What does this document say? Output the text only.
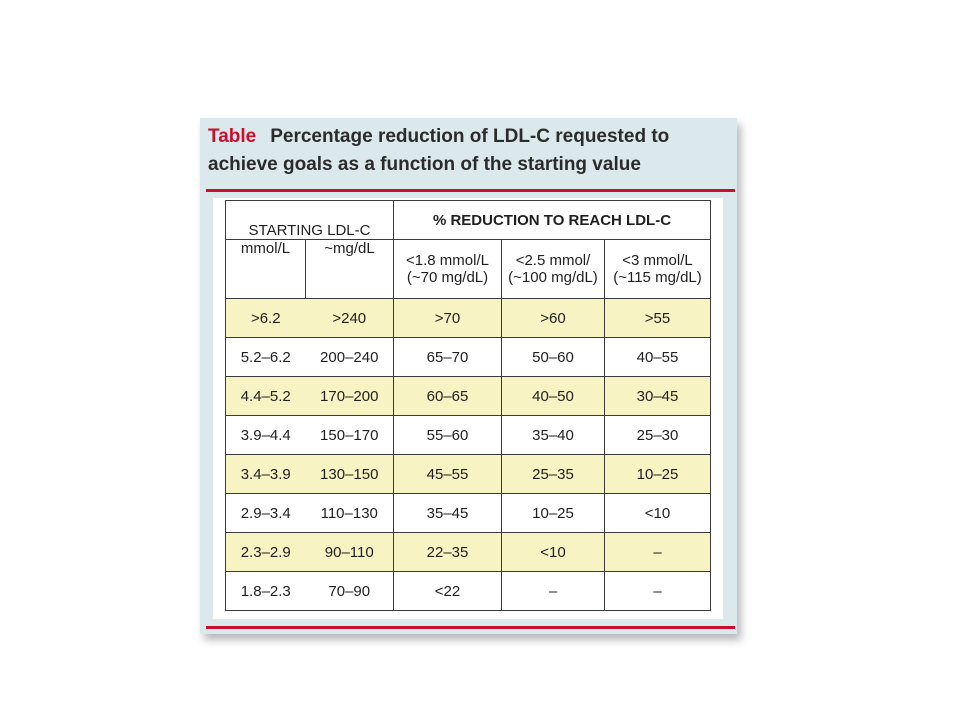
Table Percentage reduction of LDL-C requested to achieve goals as a function of the starting value
STARTING LDL-C		% REDUCTION TO REACH LDL-C		
mmol/L	~mg/dL	<1.8 mmol/L (~70 mg/dL)	<2.5 mmol/ (~100 mg/dL)	<3 mmol/L (~115 mg/dL)
>6.2	>240	>70	>60	>55
5.2–6.2	200–240	65–70	50–60	40–55
4.4–5.2	170–200	60–65	40–50	30–45
3.9–4.4	150–170	55–60	35–40	25–30
3.4–3.9	130–150	45–55	25–35	10–25
2.9–3.4	110–130	35–45	10–25	<10
2.3–2.9	90–110	22–35	<10	–
1.8–2.3	70–90	<22	–	–
